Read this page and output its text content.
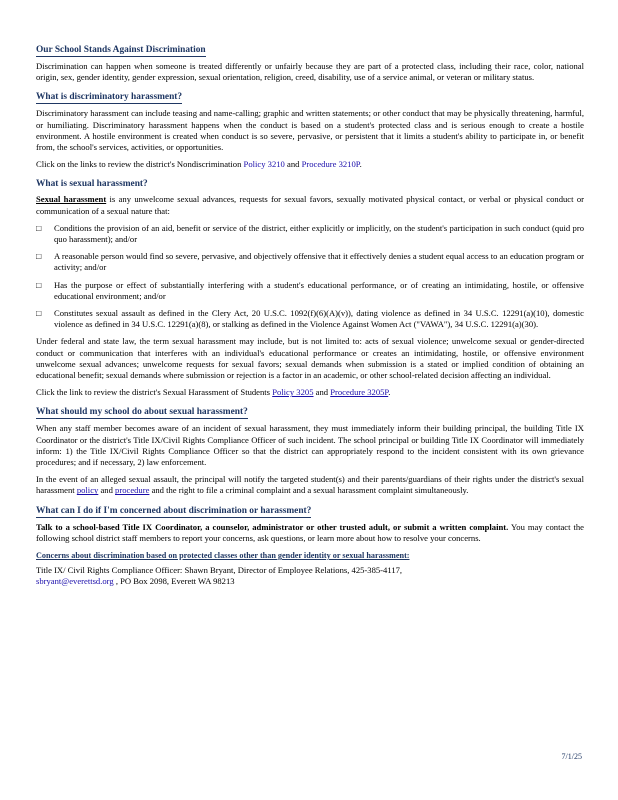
Our School Stands Against Discrimination

Discrimination can happen when someone is treated differently or unfairly because they are part of a protected class, including their race, color, national origin, sex, gender identity, gender expression, sexual orientation, religion, creed, disability, use of a service animal, or veteran or military status.

What is discriminatory harassment?

Discriminatory harassment can include teasing and name-calling; graphic and written statements; or other conduct that may be physically threatening, harmful, or humiliating. Discriminatory harassment happens when the conduct is based on a student's protected class and is serious enough to create a hostile environment. A hostile environment is created when conduct is so severe, pervasive, or persistent that it limits a student's ability to participate in, or benefit from, the school's services, activities, or opportunities.

Click on the links to review the district's Nondiscrimination Policy 3210 and Procedure 3210P.

What is sexual harassment?

Sexual harassment is any unwelcome sexual advances, requests for sexual favors, sexually motivated physical contact, or verbal or physical conduct or communication of a sexual nature that:

□ Conditions the provision of an aid, benefit or service of the district, either explicitly or implicitly, on the student's participation in such conduct (quid pro quo harassment); and/or
□ A reasonable person would find so severe, pervasive, and objectively offensive that it effectively denies a student equal access to an education program or activity; and/or
□ Has the purpose or effect of substantially interfering with a student's educational performance, or of creating an intimidating, hostile, or offensive educational environment; and/or
□ Constitutes sexual assault as defined in the Clery Act, 20 U.S.C. 1092(f)(6)(A)(v)), dating violence as defined in 34 U.S.C. 12291(a)(10), domestic violence as defined in 34 U.S.C. 12291(a)(8), or stalking as defined in the Violence Against Women Act ("VAWA"), 34 U.S.C. 12291(a)(30).

Under federal and state law, the term sexual harassment may include, but is not limited to: acts of sexual violence; unwelcome sexual or gender-directed conduct or communication that interferes with an individual's educational performance or creates an intimidating, hostile, or offensive environment unwelcome sexual advances; unwelcome requests for sexual favors; sexual demands when submission is a stated or implied condition of obtaining an educational benefit; sexual demands where submission or rejection is a factor in an academic, or other school-related decision affecting an individual.

Click the link to review the district's Sexual Harassment of Students Policy 3205 and Procedure 3205P.

What should my school do about sexual harassment?

When any staff member becomes aware of an incident of sexual harassment, they must immediately inform their building principal, the building Title IX Coordinator or the district's Title IX/Civil Rights Compliance Officer of such incident. The school principal or building Title IX Coordinator will immediately inform: 1) the Title IX/Civil Rights Compliance Officer so that the district can appropriately respond to the incident consistent with its own grievance procedures; and if necessary, 2) law enforcement.

In the event of an alleged sexual assault, the principal will notify the targeted student(s) and their parents/guardians of their rights under the district's sexual harassment policy and procedure and the right to file a criminal complaint and a sexual harassment complaint simultaneously.

What can I do if I'm concerned about discrimination or harassment?

Talk to a school-based Title IX Coordinator, a counselor, administrator or other trusted adult, or submit a written complaint. You may contact the following school district staff members to report your concerns, ask questions, or learn more about how to resolve your concerns.

Concerns about discrimination based on protected classes other than gender identity or sexual harassment:
Title IX/ Civil Rights Compliance Officer: Shawn Bryant, Director of Employee Relations, 425-385-4117,
sbryant@everettsd.org , PO Box 2098, Everett WA 98213
7/1/25
